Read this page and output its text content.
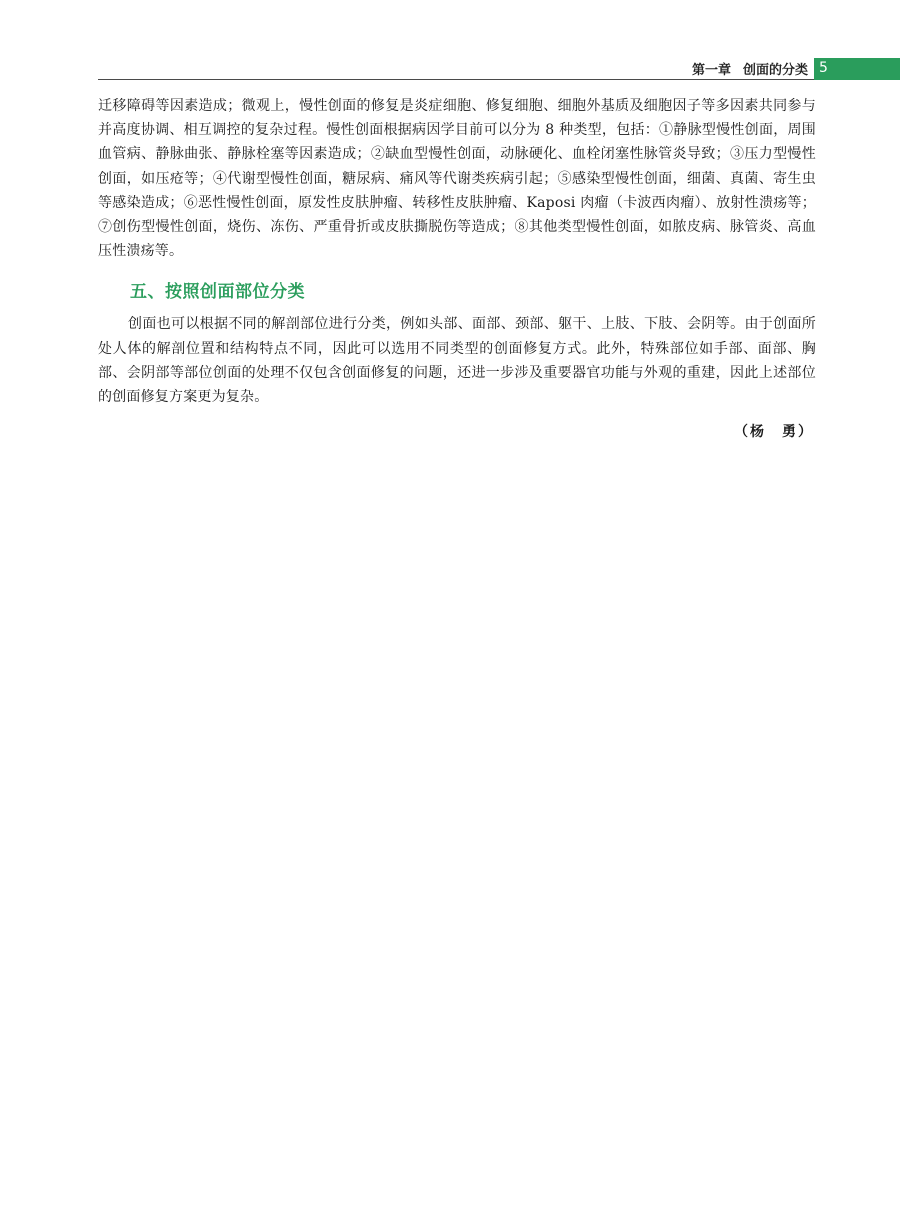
第一章 创面的分类 5

迁移障碍等因素造成；微观上，慢性创面的修复是炎症细胞、修复细胞、细胞外基质及细胞因子等多因素共同参与并高度协调、相互调控的复杂过程。慢性创面根据病因学目前可以分为 8 种类型，包括：①静脉型慢性创面，周围血管病、静脉曲张、静脉栓塞等因素造成；②缺血型慢性创面，动脉硬化、血栓闭塞性脉管炎导致；③压力型慢性创面，如压疮等；④代谢型慢性创面，糖尿病、痛风等代谢类疾病引起；⑤感染型慢性创面，细菌、真菌、寄生虫等感染造成；⑥恶性慢性创面，原发性皮肤肿瘤、转移性皮肤肿瘤、Kaposi 肉瘤（卡波西肉瘤）、放射性溃疡等；⑦创伤型慢性创面，烧伤、冻伤、严重骨折或皮肤撕脱伤等造成；⑧其他类型慢性创面，如脓皮病、脉管炎、高血压性溃疡等。

五、按照创面部位分类

创面也可以根据不同的解剖部位进行分类，例如头部、面部、颈部、躯干、上肢、下肢、会阴等。由于创面所处人体的解剖位置和结构特点不同，因此可以选用不同类型的创面修复方式。此外，特殊部位如手部、面部、胸部、会阴部等部位创面的处理不仅包含创面修复的问题，还进一步涉及重要器官功能与外观的重建，因此上述部位的创面修复方案更为复杂。

（杨　勇）
